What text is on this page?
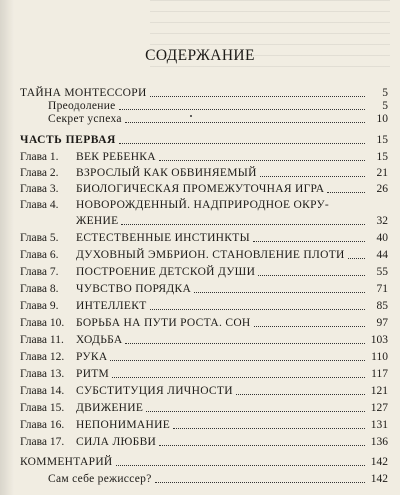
СОДЕРЖАНИЕ
ТАЙНА МОНТЕССОРИ	5
Преодоление	5
Секрет успеха	10
ЧАСТЬ ПЕРВАЯ	15
Глава 1.	ВЕК РЕБЕНКА	15
Глава 2.	ВЗРОСЛЫЙ КАК ОБВИНЯЕМЫЙ	21
Глава 3.	БИОЛОГИЧЕСКАЯ ПРОМЕЖУТОЧНАЯ ИГРА	26
Глава 4.	НОВОРОЖДЕННЫЙ. НАДПРИРОДНОЕ ОКРУ-
ЖЕНИЕ	32
Глава 5.	ЕСТЕСТВЕННЫЕ ИНСТИНКТЫ	40
Глава 6.	ДУХОВНЫЙ ЭМБРИОН. СТАНОВЛЕНИЕ ПЛОТИ	44
Глава 7.	ПОСТРОЕНИЕ ДЕТСКОЙ ДУШИ	55
Глава 8.	ЧУВСТВО ПОРЯДКА	71
Глава 9.	ИНТЕЛЛЕКТ	85
Глава 10.	БОРЬБА НА ПУТИ РОСТА. СОН	97
Глава 11.	ХОДЬБА	103
Глава 12.	РУКА	110
Глава 13.	РИТМ	117
Глава 14.	СУБСТИТУЦИЯ ЛИЧНОСТИ	121
Глава 15.	ДВИЖЕНИЕ	127
Глава 16.	НЕПОНИМАНИЕ	131
Глава 17.	СИЛА ЛЮБВИ	136
КОММЕНТАРИЙ	142
Сам себе режиссер?	142
